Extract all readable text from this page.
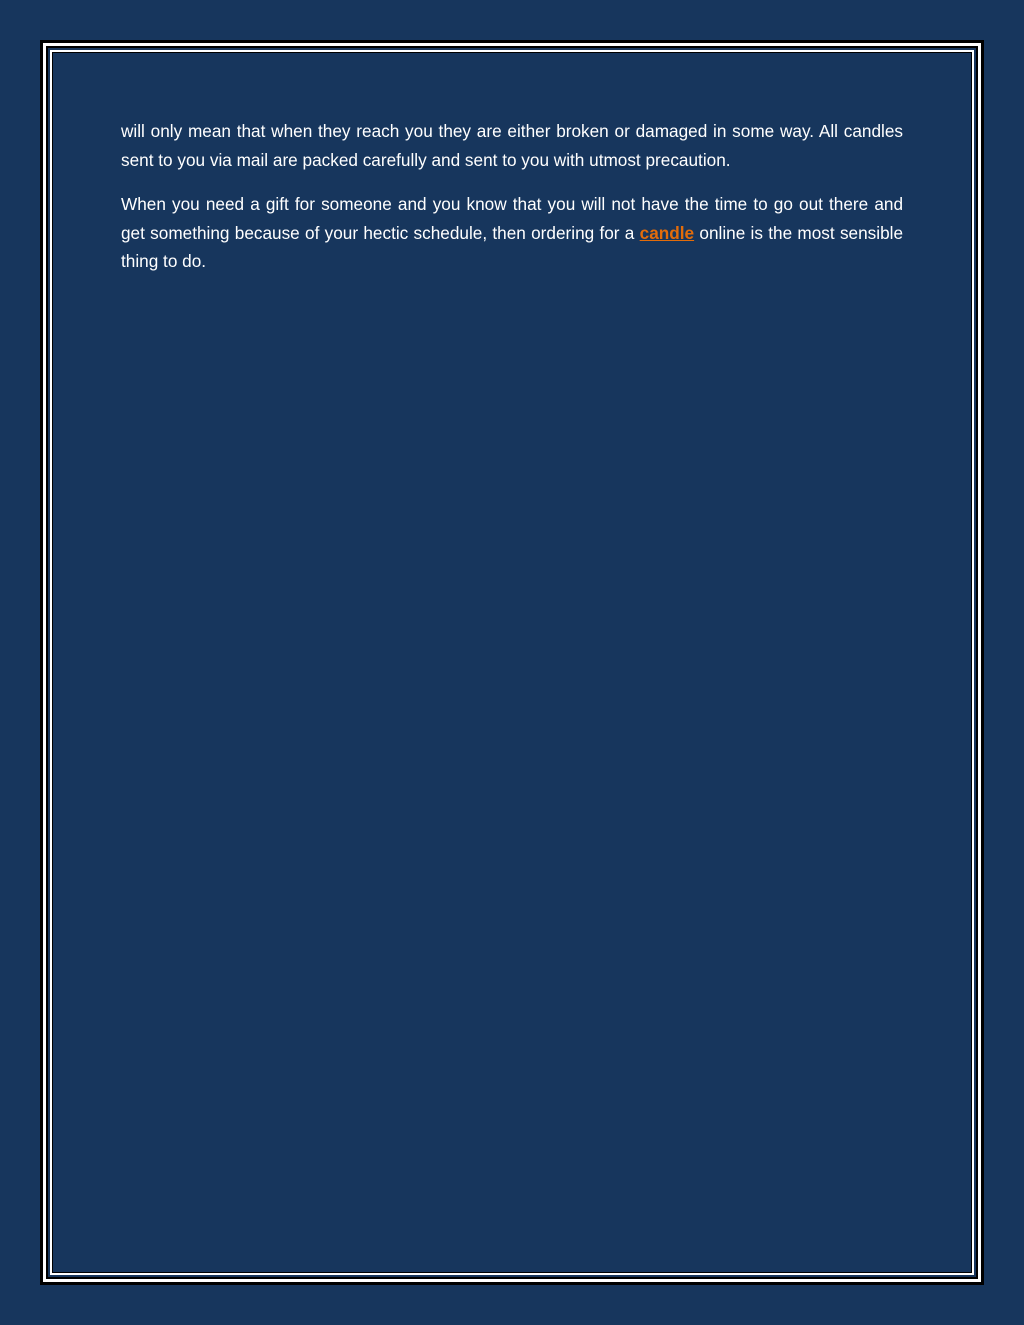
will only mean that when they reach you they are either broken or damaged in some way. All candles sent to you via mail are packed carefully and sent to you with utmost precaution.

When you need a gift for someone and you know that you will not have the time to go out there and get something because of your hectic schedule, then ordering for a candle online is the most sensible thing to do.
